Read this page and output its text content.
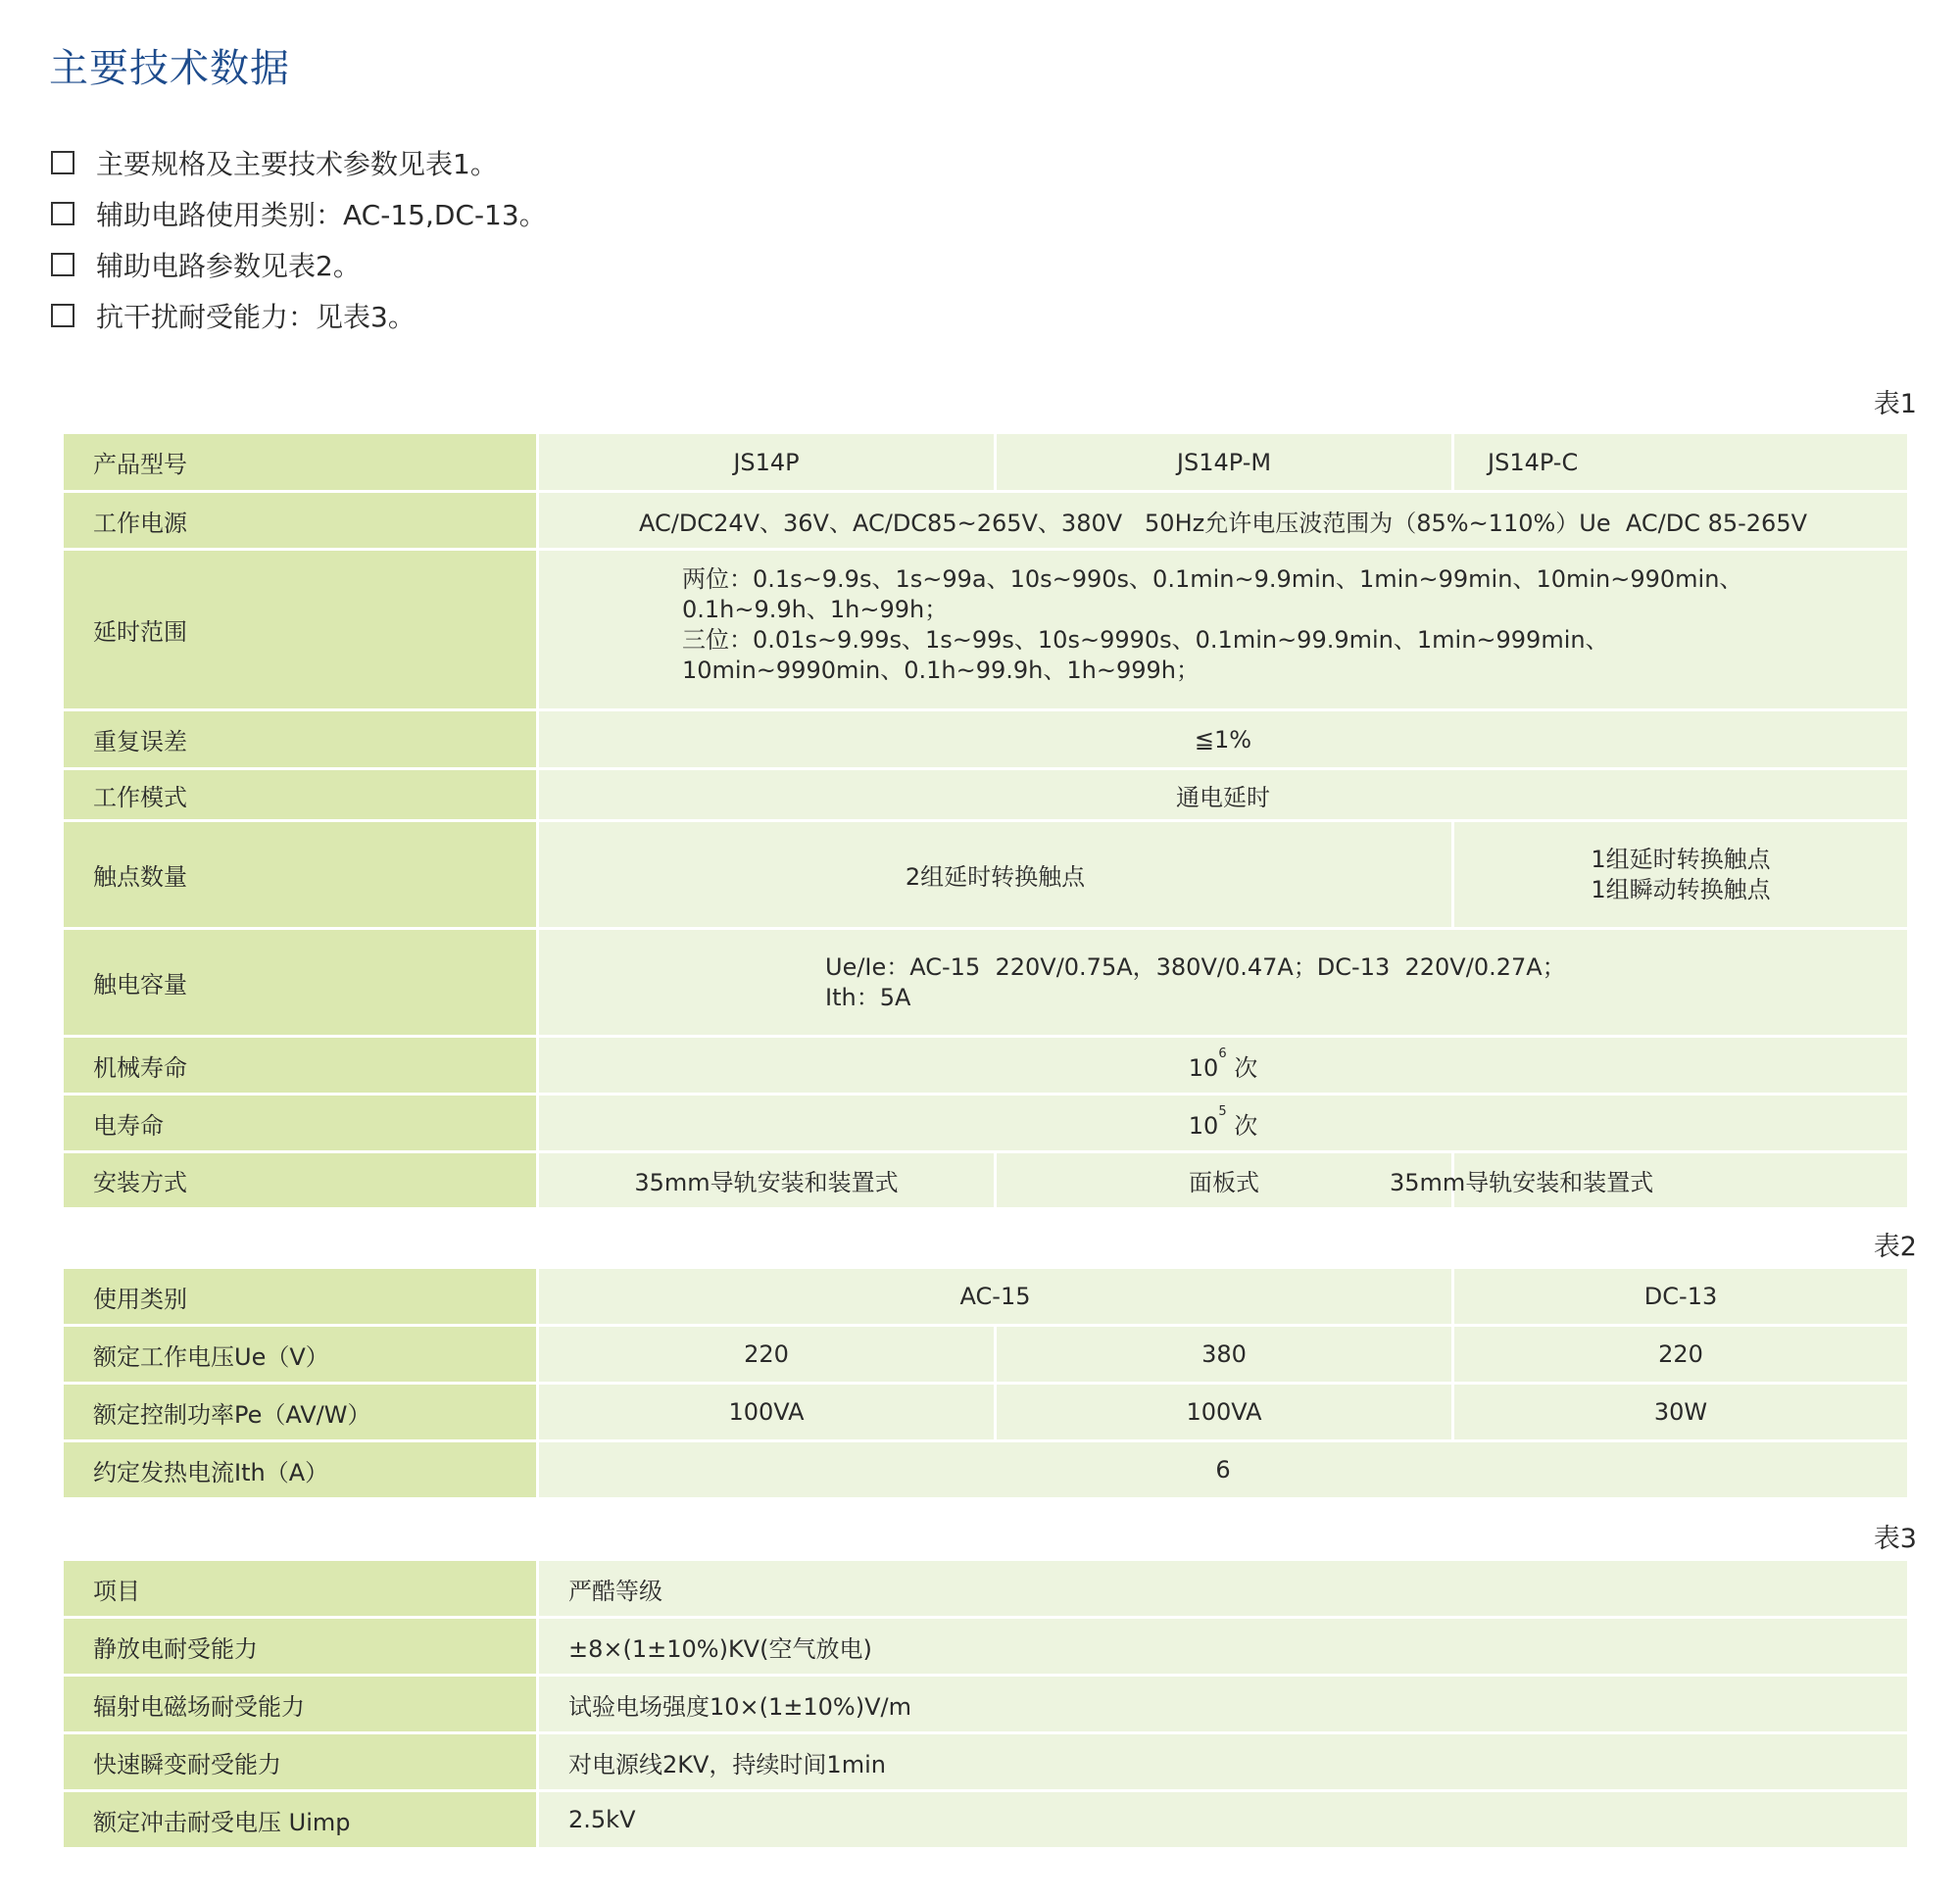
主要技术数据
主要规格及主要技术参数见表1。
辅助电路使用类别：AC-15,DC-13。
辅助电路参数见表2。
抗干扰耐受能力：见表3。
表1
产品型号	JS14P	JS14P-M	JS14P-C
工作电源	AC/DC24V、36V、AC/DC85~265V、380V   50Hz允许电压波范围为（85%~110%）Ue  AC/DC 85-265V		
延时范围	两位：0.1s~9.9s、1s~99a、10s~990s、0.1min~9.9min、1min~99min、10min~990min、
0.1h~9.9h、1h~99h；
三位：0.01s~9.99s、1s~99s、10s~9990s、0.1min~99.9min、1min~999min、
10min~9990min、0.1h~99.9h、1h~999h；		
重复误差	≦1%		
工作模式	通电延时		
触点数量	2组延时转换触点		1组延时转换触点
1组瞬动转换触点
触电容量	Ue/Ie：AC-15  220V/0.75A，380V/0.47A；DC-13  220V/0.27A；
Ith：5A		
机械寿命	$10^6$ 次		
电寿命	$10^5$ 次		
安装方式	35mm导轨安装和装置式	面板式	35mm导轨安装和装置式
表2
使用类别	AC-15		DC-13
额定工作电压Ue（V）	220	380	220
额定控制功率Pe（AV/W）	100VA	100VA	30W
约定发热电流Ith（A）	6		
表3
项目	严酷等级
静放电耐受能力	±8×(1±10%)KV(空气放电)
辐射电磁场耐受能力	试验电场强度10×(1±10%)V/m
快速瞬变耐受能力	对电源线2KV，持续时间1min
额定冲击耐受电压 Uimp	2.5kV
